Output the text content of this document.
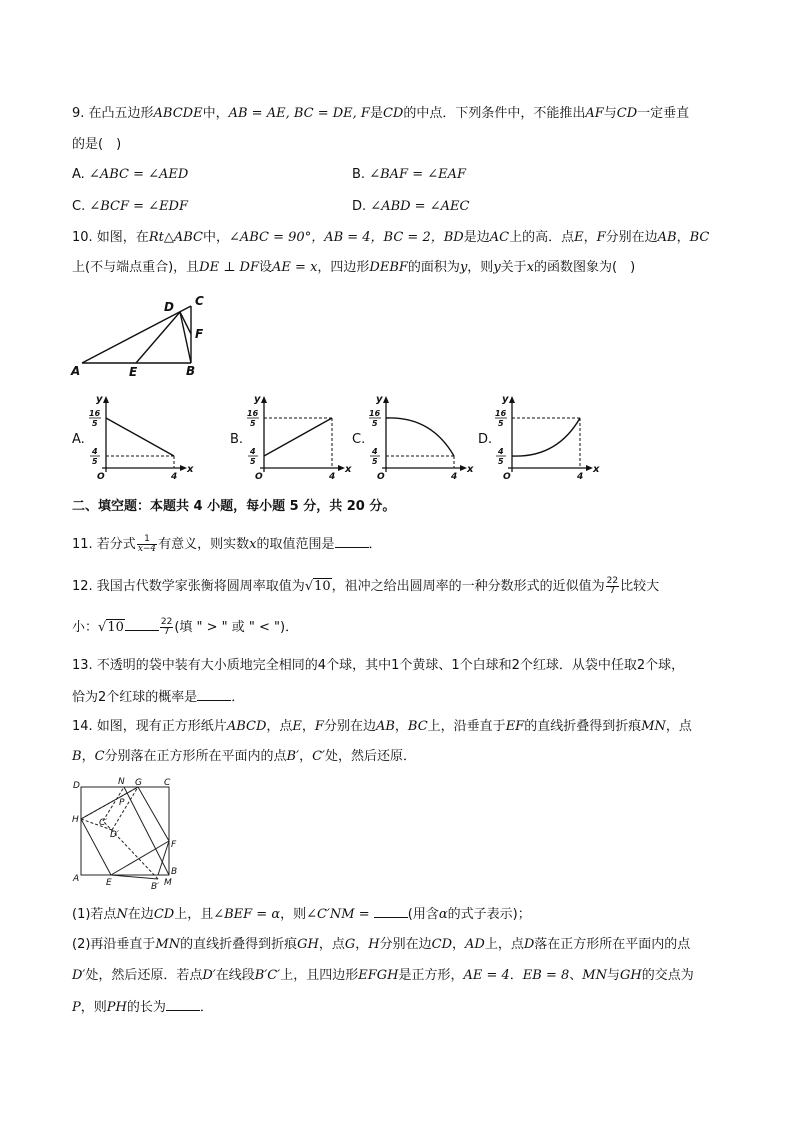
9. 在凸五边形ABCDE中，AB = AE, BC = DE, F是CD的中点．下列条件中，不能推出AF与CD一定垂直
的是(　)
A. ∠ABC = ∠AED	B. ∠BAF = ∠EAF
C. ∠BCF = ∠EDF	D. ∠ABD = ∠AEC
10. 如图，在Rt△ABC中，∠ABC = 90°，AB = 4，BC = 2，BD是边AC上的高．点E，F分别在边AB，BC
上(不与端点重合)，且DE ⊥ DF设AE = x，四边形DEBF的面积为y，则y关于x的函数图象为(　)
D C
F
A	E	B
A.
y
x
O	4
16
5
4
5
B.
y
x
O	4
16
5
4
5
C.
y
x
O	4
16
5
4
5
D.
y
x
O	4
16
5
4
5
二、填空题：本题共 4 小题，每小题 5 分，共 20 分。
11. 若分式 $\frac{1}{x-4}$ 有意义，则实数x的取值范围是	．
12. 我国古代数学家张衡将圆周率取值为√10，祖冲之给出圆周率的一种分数形式的近似值为 $\frac{22}{7}$ 比较大
小：√10	$\frac{22}{7}$ (填 " > " 或 " < ")．
13. 不透明的袋中装有大小质地完全相同的4个球，其中1个黄球、1个白球和2个红球．从袋中任取2个球，
恰为2个红球的概率是	．
14. 如图，现有正方形纸片ABCD，点E，F分别在边AB，BC上，沿垂直于EF的直线折叠得到折痕MN，点
B，C分别落在正方形所在平面内的点B′，C′处，然后还原．
D	N G C
P
H C′
D′
F
B
A	E	B′ M
(1)若点N在边CD上，且∠BEF = α，则∠C′NM =	(用含α的式子表示)；
(2)再沿垂直于MN的直线折叠得到折痕GH，点G，H分别在边CD，AD上，点D落在正方形所在平面内的点
D′处，然后还原．若点D′在线段B′C′上，且四边形EFGH是正方形，AE = 4．EB = 8、MN与GH的交点为
P，则PH的长为	．
